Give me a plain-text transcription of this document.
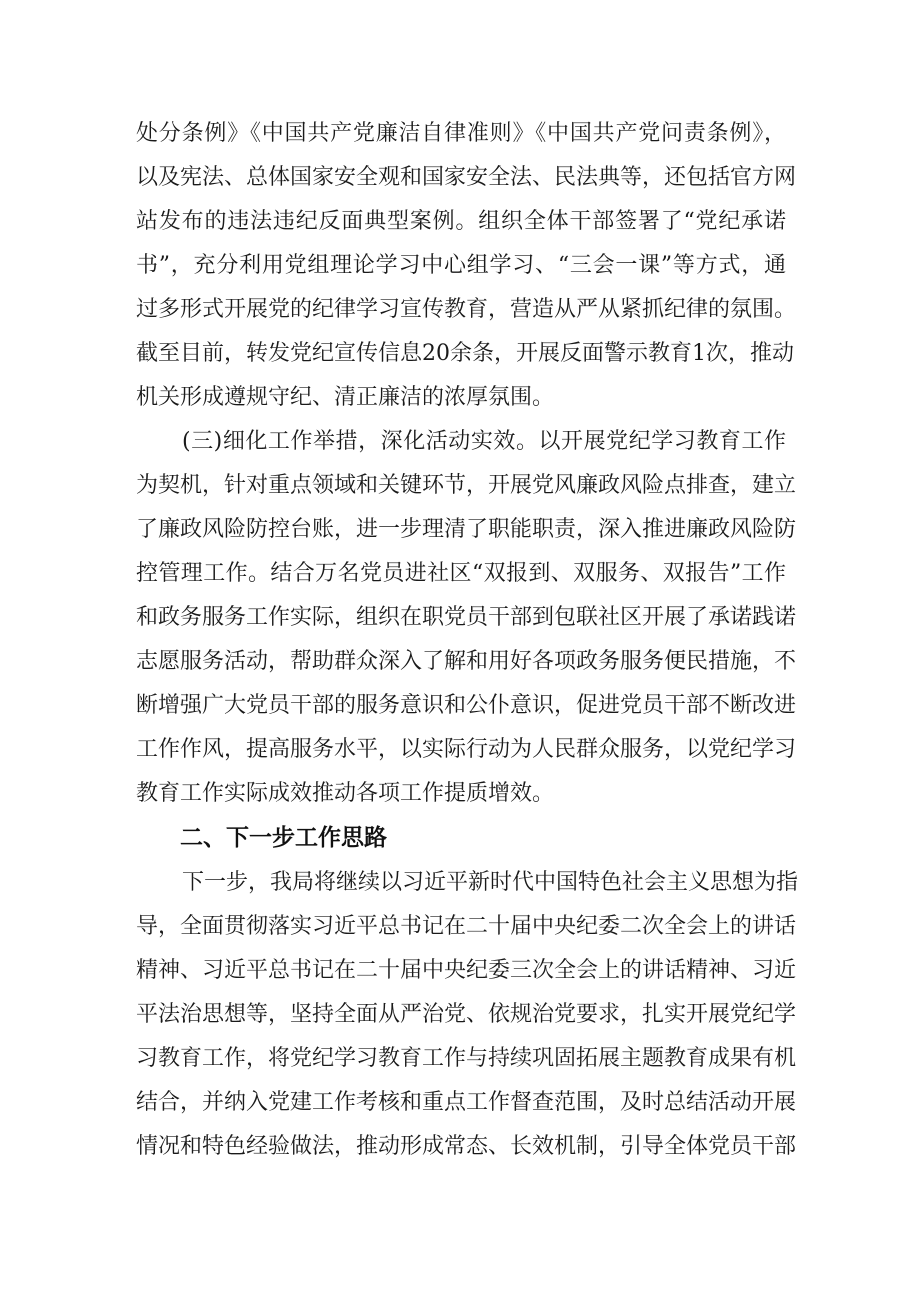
处分条例》《中国共产党廉洁自律准则》《中国共产党问责条例》，
以及宪法、总体国家安全观和国家安全法、民法典等，还包括官方网
站发布的违法违纪反面典型案例。组织全体干部签署了“党纪承诺
书”，充分利用党组理论学习中心组学习、“三会一课”等方式，通
过多形式开展党的纪律学习宣传教育，营造从严从紧抓纪律的氛围。
截至目前，转发党纪宣传信息20余条，开展反面警示教育1次，推动
机关形成遵规守纪、清正廉洁的浓厚氛围。
(三)细化工作举措，深化活动实效。以开展党纪学习教育工作
为契机，针对重点领域和关键环节，开展党风廉政风险点排查，建立
了廉政风险防控台账，进一步理清了职能职责，深入推进廉政风险防
控管理工作。结合万名党员进社区“双报到、双服务、双报告”工作
和政务服务工作实际，组织在职党员干部到包联社区开展了承诺践诺
志愿服务活动，帮助群众深入了解和用好各项政务服务便民措施，不
断增强广大党员干部的服务意识和公仆意识，促进党员干部不断改进
工作作风，提高服务水平，以实际行动为人民群众服务，以党纪学习
教育工作实际成效推动各项工作提质增效。
二、下一步工作思路
下一步，我局将继续以习近平新时代中国特色社会主义思想为指
导，全面贯彻落实习近平总书记在二十届中央纪委二次全会上的讲话
精神、习近平总书记在二十届中央纪委三次全会上的讲话精神、习近
平法治思想等，坚持全面从严治党、依规治党要求，扎实开展党纪学
习教育工作，将党纪学习教育工作与持续巩固拓展主题教育成果有机
结合，并纳入党建工作考核和重点工作督查范围，及时总结活动开展
情况和特色经验做法，推动形成常态、长效机制，引导全体党员干部
